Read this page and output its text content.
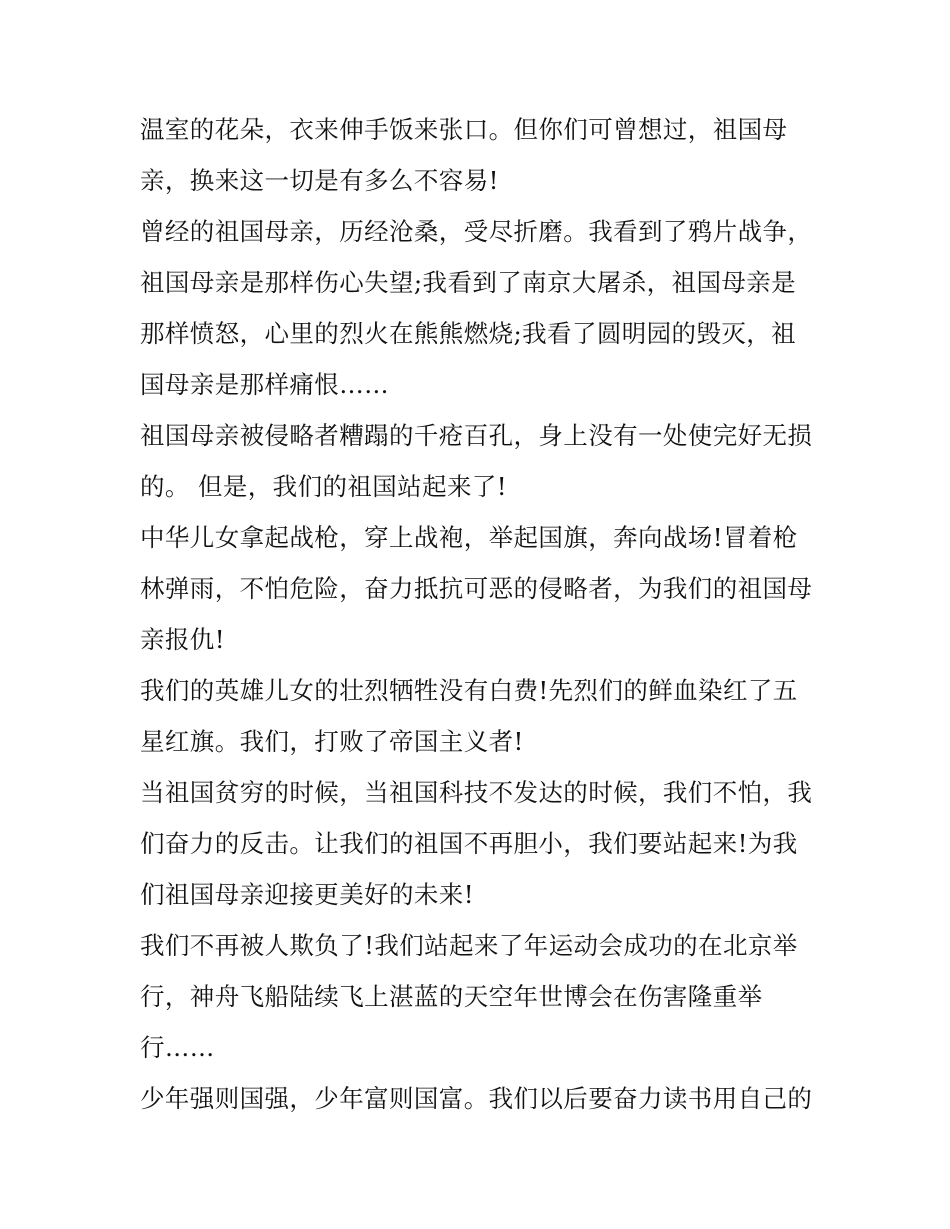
温室的花朵，衣来伸手饭来张口。但你们可曾想过，祖国母
亲，换来这一切是有多么不容易!
曾经的祖国母亲，历经沧桑，受尽折磨。我看到了鸦片战争，
祖国母亲是那样伤心失望;我看到了南京大屠杀，祖国母亲是
那样愤怒，心里的烈火在熊熊燃烧;我看了圆明园的毁灭，祖
国母亲是那样痛恨……
祖国母亲被侵略者糟蹋的千疮百孔，身上没有一处使完好无损
的。 但是，我们的祖国站起来了!
中华儿女拿起战枪，穿上战袍，举起国旗，奔向战场!冒着枪
林弹雨，不怕危险，奋力抵抗可恶的侵略者，为我们的祖国母
亲报仇!
我们的英雄儿女的壮烈牺牲没有白费!先烈们的鲜血染红了五
星红旗。我们，打败了帝国主义者!
当祖国贫穷的时候，当祖国科技不发达的时候，我们不怕，我
们奋力的反击。让我们的祖国不再胆小，我们要站起来!为我
们祖国母亲迎接更美好的未来!
我们不再被人欺负了!我们站起来了年运动会成功的在北京举
行，神舟飞船陆续飞上湛蓝的天空年世博会在伤害隆重举
行……
少年强则国强，少年富则国富。我们以后要奋力读书用自己的
